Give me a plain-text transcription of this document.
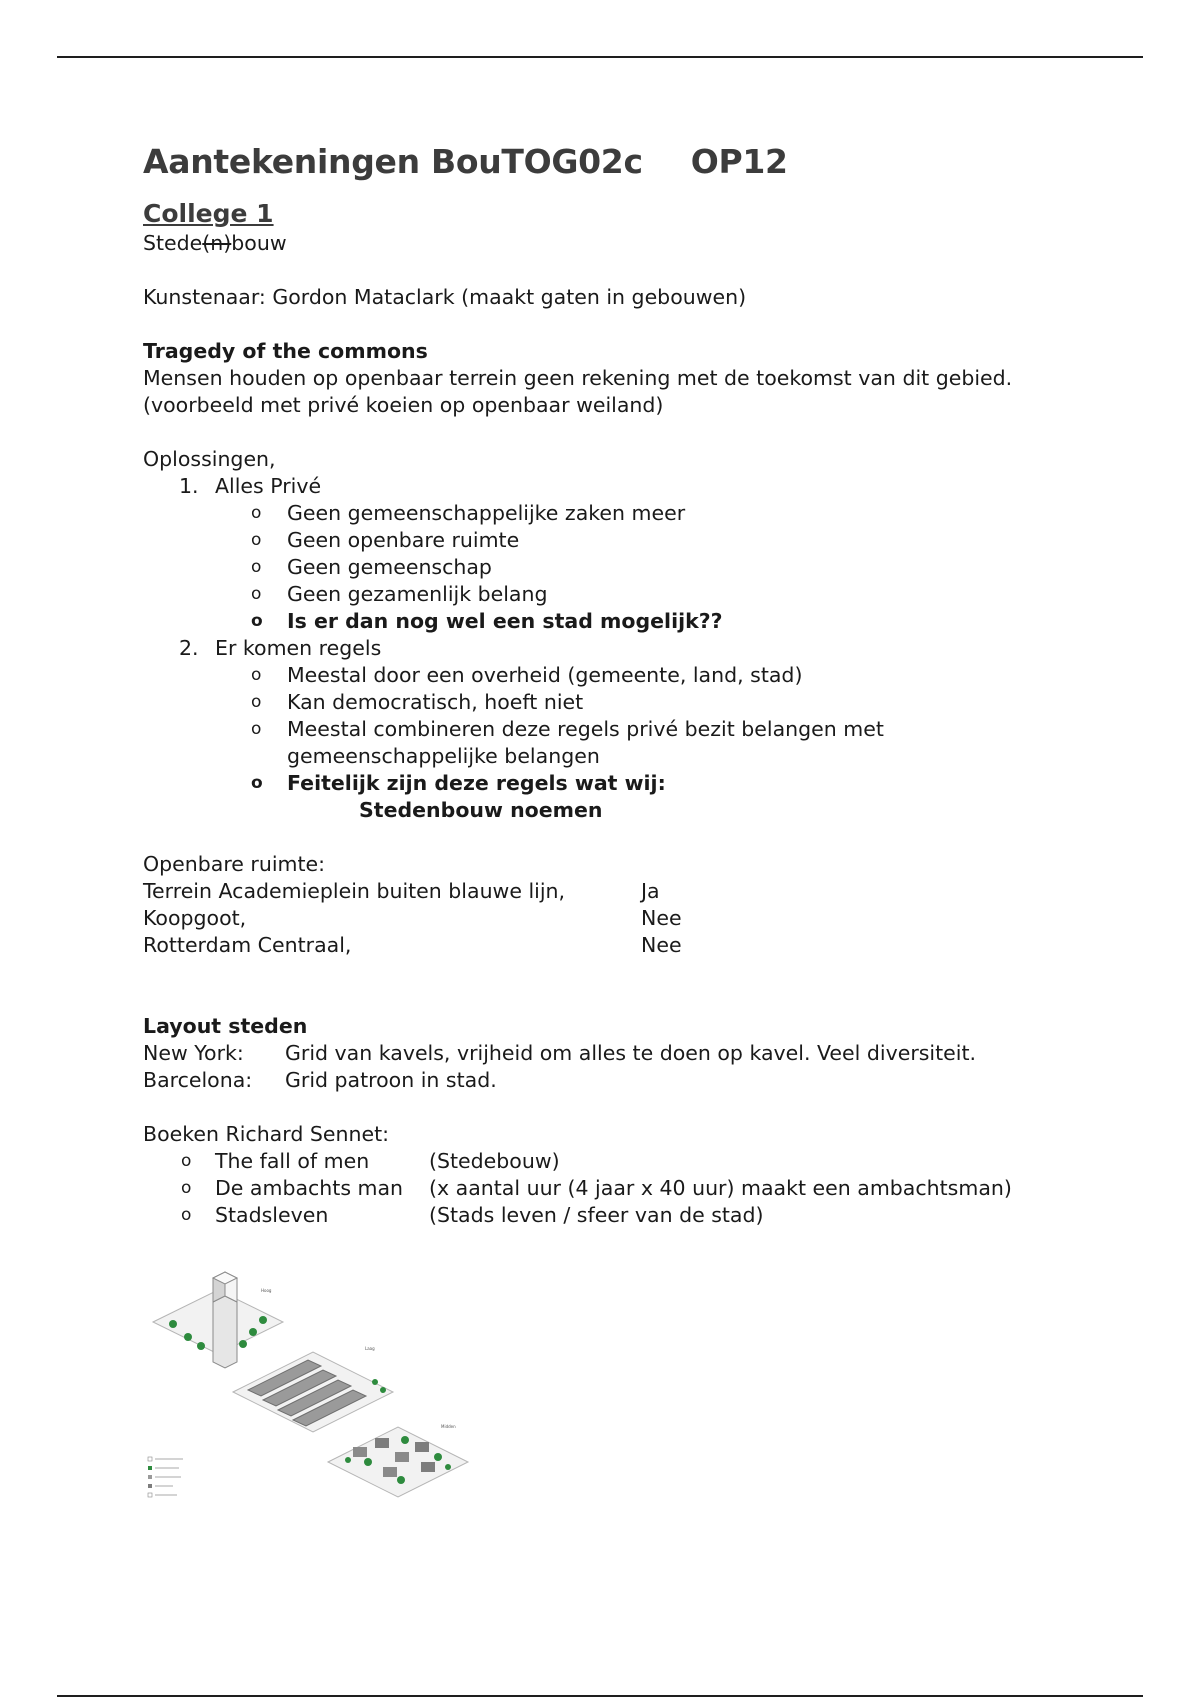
Aantekeningen BouTOG02c OP12
College 1

Stede(n)bouw

Kunstenaar: Gordon Mataclark (maakt gaten in gebouwen)

Tragedy of the commons

Mensen houden op openbaar terrein geen rekening met de toekomst van dit gebied.

(voorbeeld met privé koeien op openbaar weiland)

Oplossingen,

1. Alles Privé
o Geen gemeenschappelijke zaken meer
o Geen openbare ruimte
o Geen gemeenschap
o Geen gezamenlijk belang
o Is er dan nog wel een stad mogelijk??
2. Er komen regels
o Meestal door een overheid (gemeente, land, stad)
o Kan democratisch, hoeft niet
o Meestal combineren deze regels privé bezit belangen met
gemeenschappelijke belangen
o Feitelijk zijn deze regels wat wij:
Stedenbouw noemen

Openbare ruimte:

Terrein Academieplein buiten blauwe lijn,	Ja
Koopgoot,	Nee
Rotterdam Centraal,	Nee

Layout steden

New York:	Grid van kavels, vrijheid om alles te doen op kavel. Veel diversiteit.
Barcelona:	Grid patroon in stad.

Boeken Richard Sennet:

o The fall of men	(Stedebouw)
o De ambachts man	(x aantal uur (4 jaar x 40 uur) maakt een ambachtsman)
o Stadsleven	(Stads leven / sfeer van de stad)
Hoog
Laag
Midden
